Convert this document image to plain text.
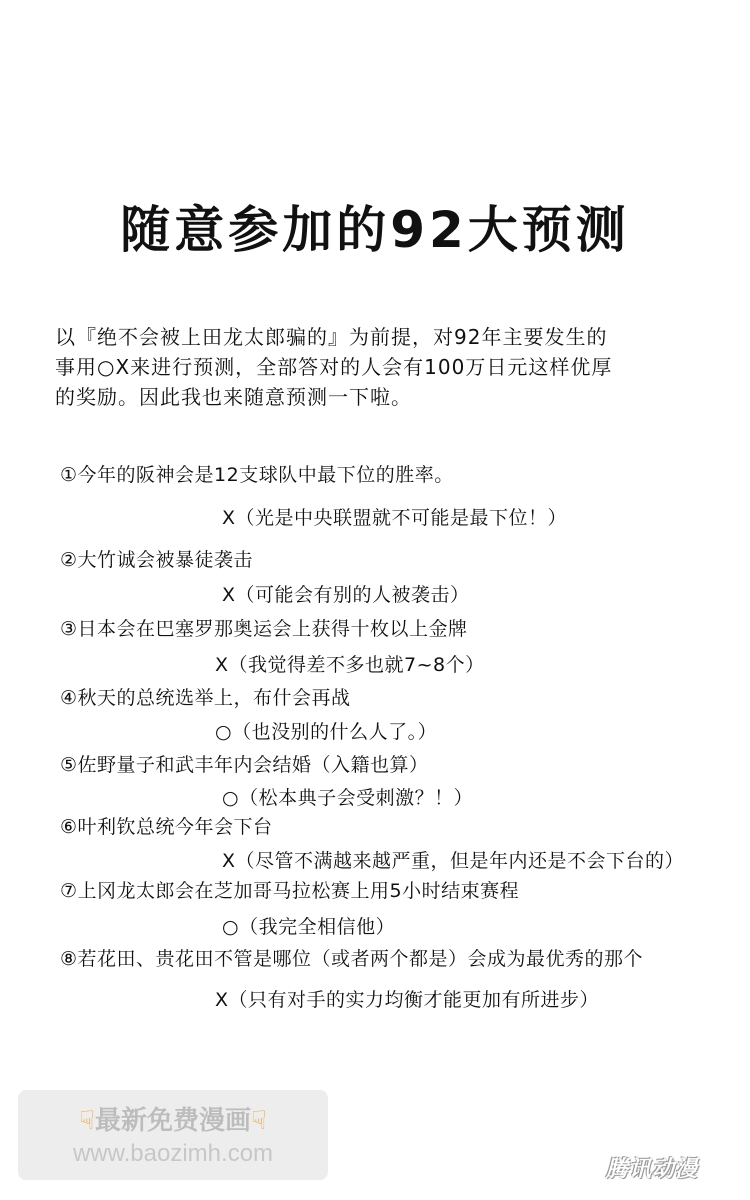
随意参加的92大预测
以『绝不会被上田龙太郎骗的』为前提，对92年主要发生的
事用○X来进行预测，全部答对的人会有100万日元这样优厚
的奖励。因此我也来随意预测一下啦。
①今年的阪神会是12支球队中最下位的胜率。
X（光是中央联盟就不可能是最下位！）
②大竹诚会被暴徒袭击
X（可能会有别的人被袭击）
③日本会在巴塞罗那奥运会上获得十枚以上金牌
X（我觉得差不多也就7~8个）
④秋天的总统选举上，布什会再战
○（也没别的什么人了。）
⑤佐野量子和武丰年内会结婚（入籍也算）
○（松本典子会受刺激？！）
⑥叶利钦总统今年会下台
X（尽管不满越来越严重，但是年内还是不会下台的）
⑦上冈龙太郎会在芝加哥马拉松赛上用5小时结束赛程
○（我完全相信他）
⑧若花田、贵花田不管是哪位（或者两个都是）会成为最优秀的那个
X（只有对手的实力均衡才能更加有所进步）
☟最新免费漫画☟
www.baozimh.com
腾讯动漫
